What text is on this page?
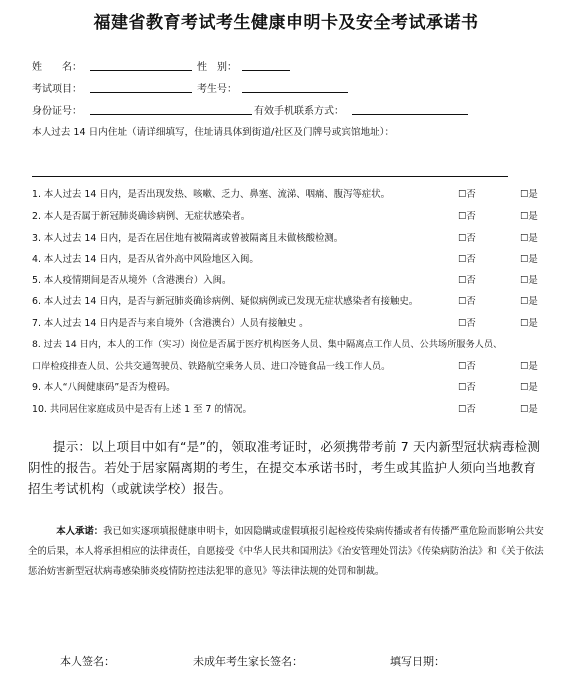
福建省教育考试考生健康申明卡及安全考试承诺书
姓　　名：	性　别：
考试项目：	考生号：
身份证号：	有效手机联系方式：
本人过去 14 日内住址（请详细填写，住址请具体到街道/社区及门牌号或宾馆地址）：
1. 本人过去 14 日内，是否出现发热、咳嗽、乏力、鼻塞、流涕、咽痛、腹泻等症状。	☐否	☐是
2. 本人是否属于新冠肺炎确诊病例、无症状感染者。	☐否	☐是
3. 本人过去 14 日内，是否在居住地有被隔离或曾被隔离且未做核酸检测。	☐否	☐是
4. 本人过去 14 日内，是否从省外高中风险地区入闽。	☐否	☐是
5. 本人疫情期间是否从境外（含港澳台）入闽。	☐否	☐是
6. 本人过去 14 日内，是否与新冠肺炎确诊病例、疑似病例或已发现无症状感染者有接触史。	☐否	☐是
7. 本人过去 14 日内是否与来自境外（含港澳台）人员有接触史 。	☐否	☐是
8. 过去 14 日内，本人的工作（实习）岗位是否属于医疗机构医务人员、集中隔离点工作人员、公共场所服务人员、
口岸检疫排查人员、公共交通驾驶员、铁路航空乘务人员、进口冷链食品一线工作人员。	☐否	☐是
9. 本人“八闽健康码”是否为橙码。	☐否	☐是
10. 共同居住家庭成员中是否有上述 1 至 7 的情况。	☐否	☐是
提示：以上项目中如有“是”的，领取准考证时，必须携带考前 7 天内新型冠状病毒检测阴性的报告。若处于居家隔离期的考生，在提交本承诺书时，考生或其监护人须向当地教育招生考试机构（或就读学校）报告。
本人承诺：我已如实逐项填报健康申明卡，如因隐瞒或虚假填报引起检疫传染病传播或者有传播严重危险而影响公共安全的后果，本人将承担相应的法律责任，自愿接受《中华人民共和国刑法》《治安管理处罚法》《传染病防治法》和《关于依法惩治妨害新型冠状病毒感染肺炎疫情防控违法犯罪的意见》等法律法规的处罚和制裁。
本人签名：	未成年考生家长签名：	填写日期：
